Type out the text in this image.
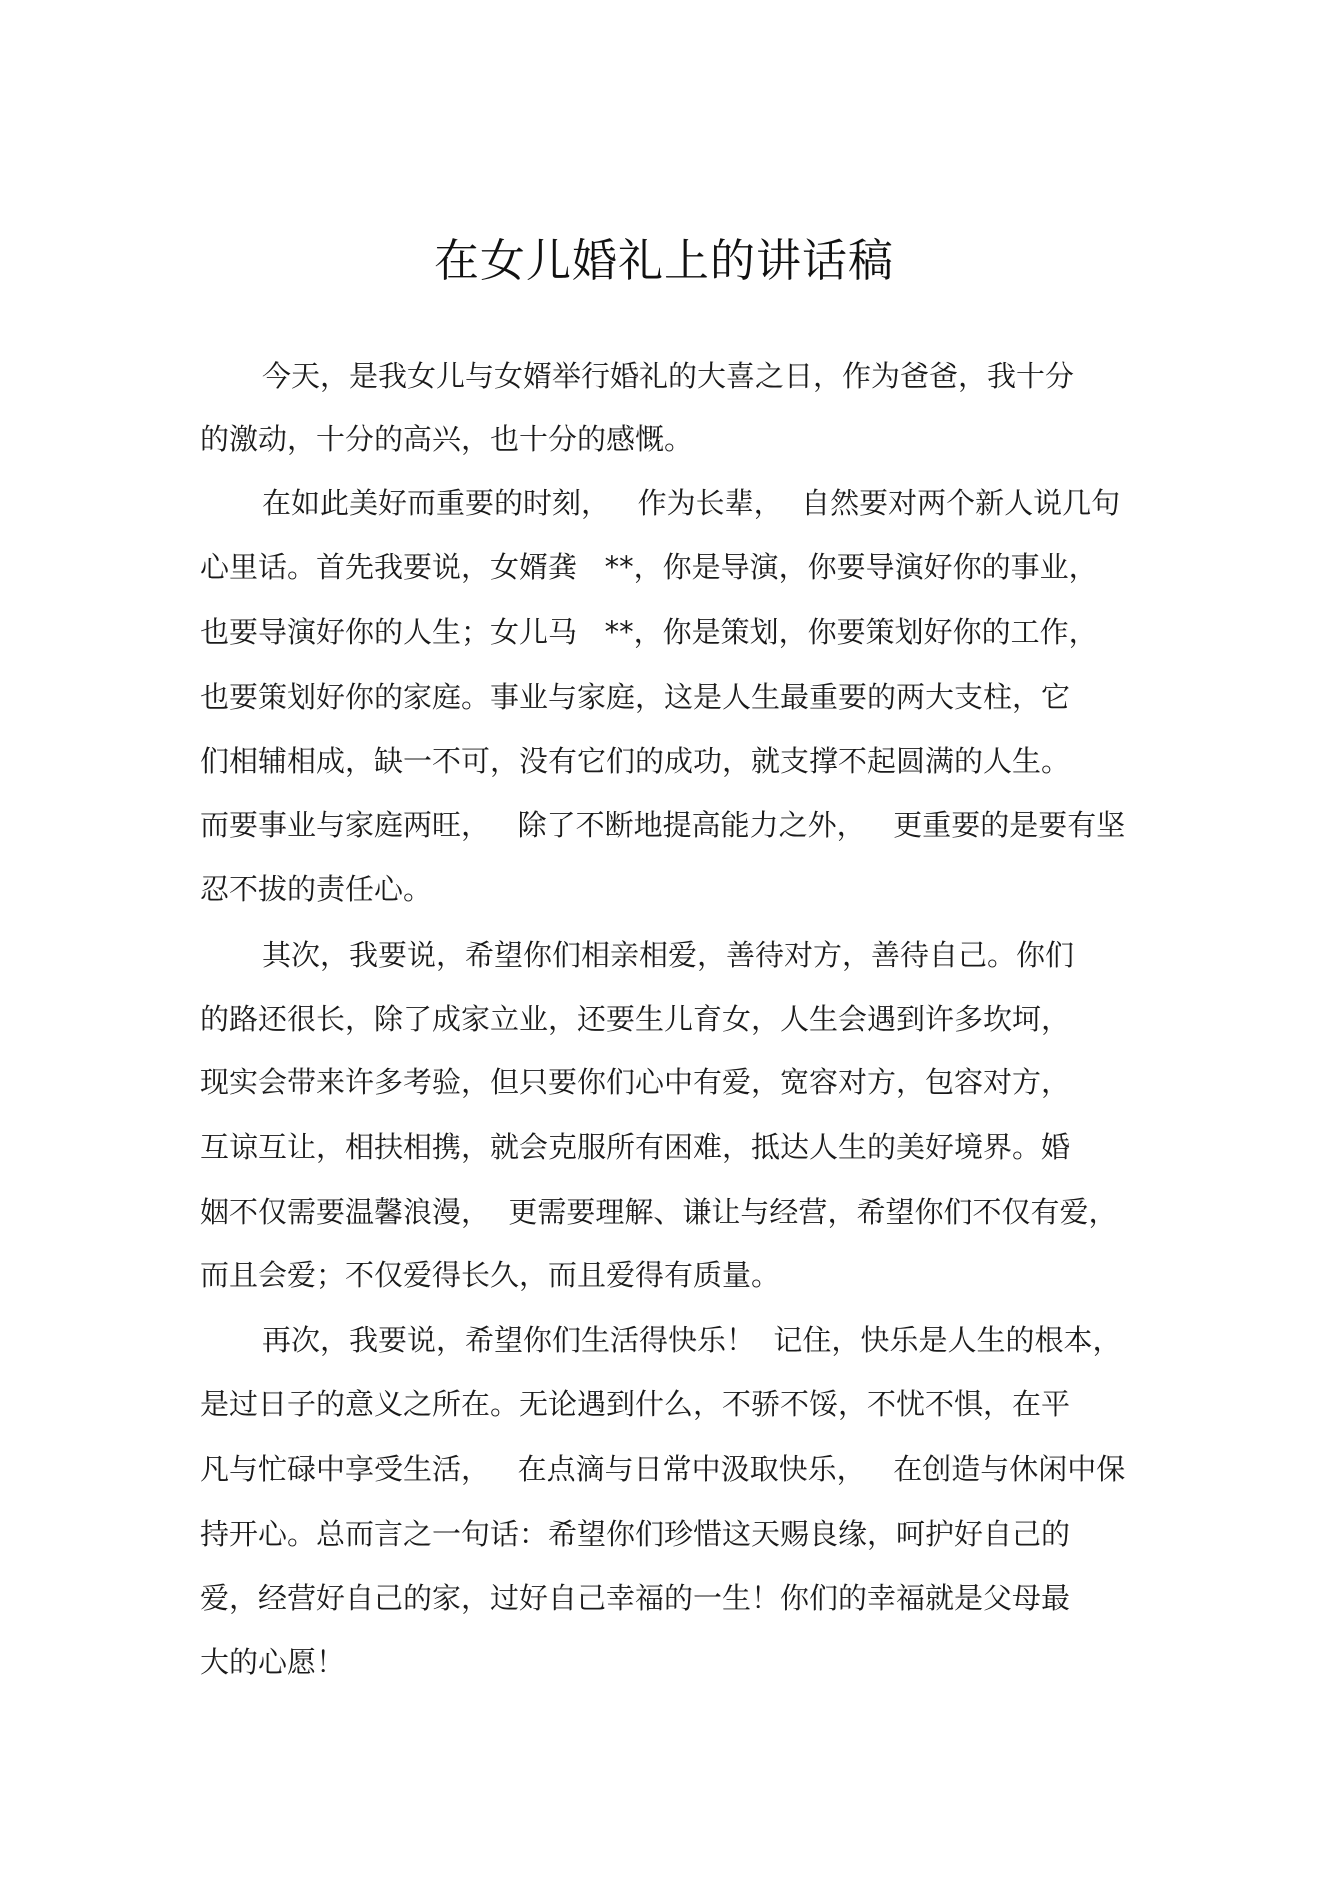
在女儿婚礼上的讲话稿
今天，是我女儿与女婿举行婚礼的大喜之日，作为爸爸，我十分
的激动，十分的高兴，也十分的感慨。
在如此美好而重要的时刻，   作为长辈，  自然要对两个新人说几句
心里话。首先我要说，女婿龚   **，你是导演，你要导演好你的事业，
也要导演好你的人生；女儿马   **，你是策划，你要策划好你的工作，
也要策划好你的家庭。事业与家庭，这是人生最重要的两大支柱，它
们相辅相成，缺一不可，没有它们的成功，就支撑不起圆满的人生。
而要事业与家庭两旺，   除了不断地提高能力之外，   更重要的是要有坚
忍不拔的责任心。
其次，我要说，希望你们相亲相爱，善待对方，善待自己。你们
的路还很长，除了成家立业，还要生儿育女，人生会遇到许多坎坷，
现实会带来许多考验，但只要你们心中有爱，宽容对方，包容对方，
互谅互让，相扶相携，就会克服所有困难，抵达人生的美好境界。婚
姻不仅需要温馨浪漫，  更需要理解、谦让与经营，希望你们不仅有爱，
而且会爱；不仅爱得长久，而且爱得有质量。
再次，我要说，希望你们生活得快乐！  记住，快乐是人生的根本，
是过日子的意义之所在。无论遇到什么，不骄不馁，不忧不惧，在平
凡与忙碌中享受生活，   在点滴与日常中汲取快乐，   在创造与休闲中保
持开心。总而言之一句话：希望你们珍惜这天赐良缘，呵护好自己的
爱，经营好自己的家，过好自己幸福的一生！你们的幸福就是父母最
大的心愿！
